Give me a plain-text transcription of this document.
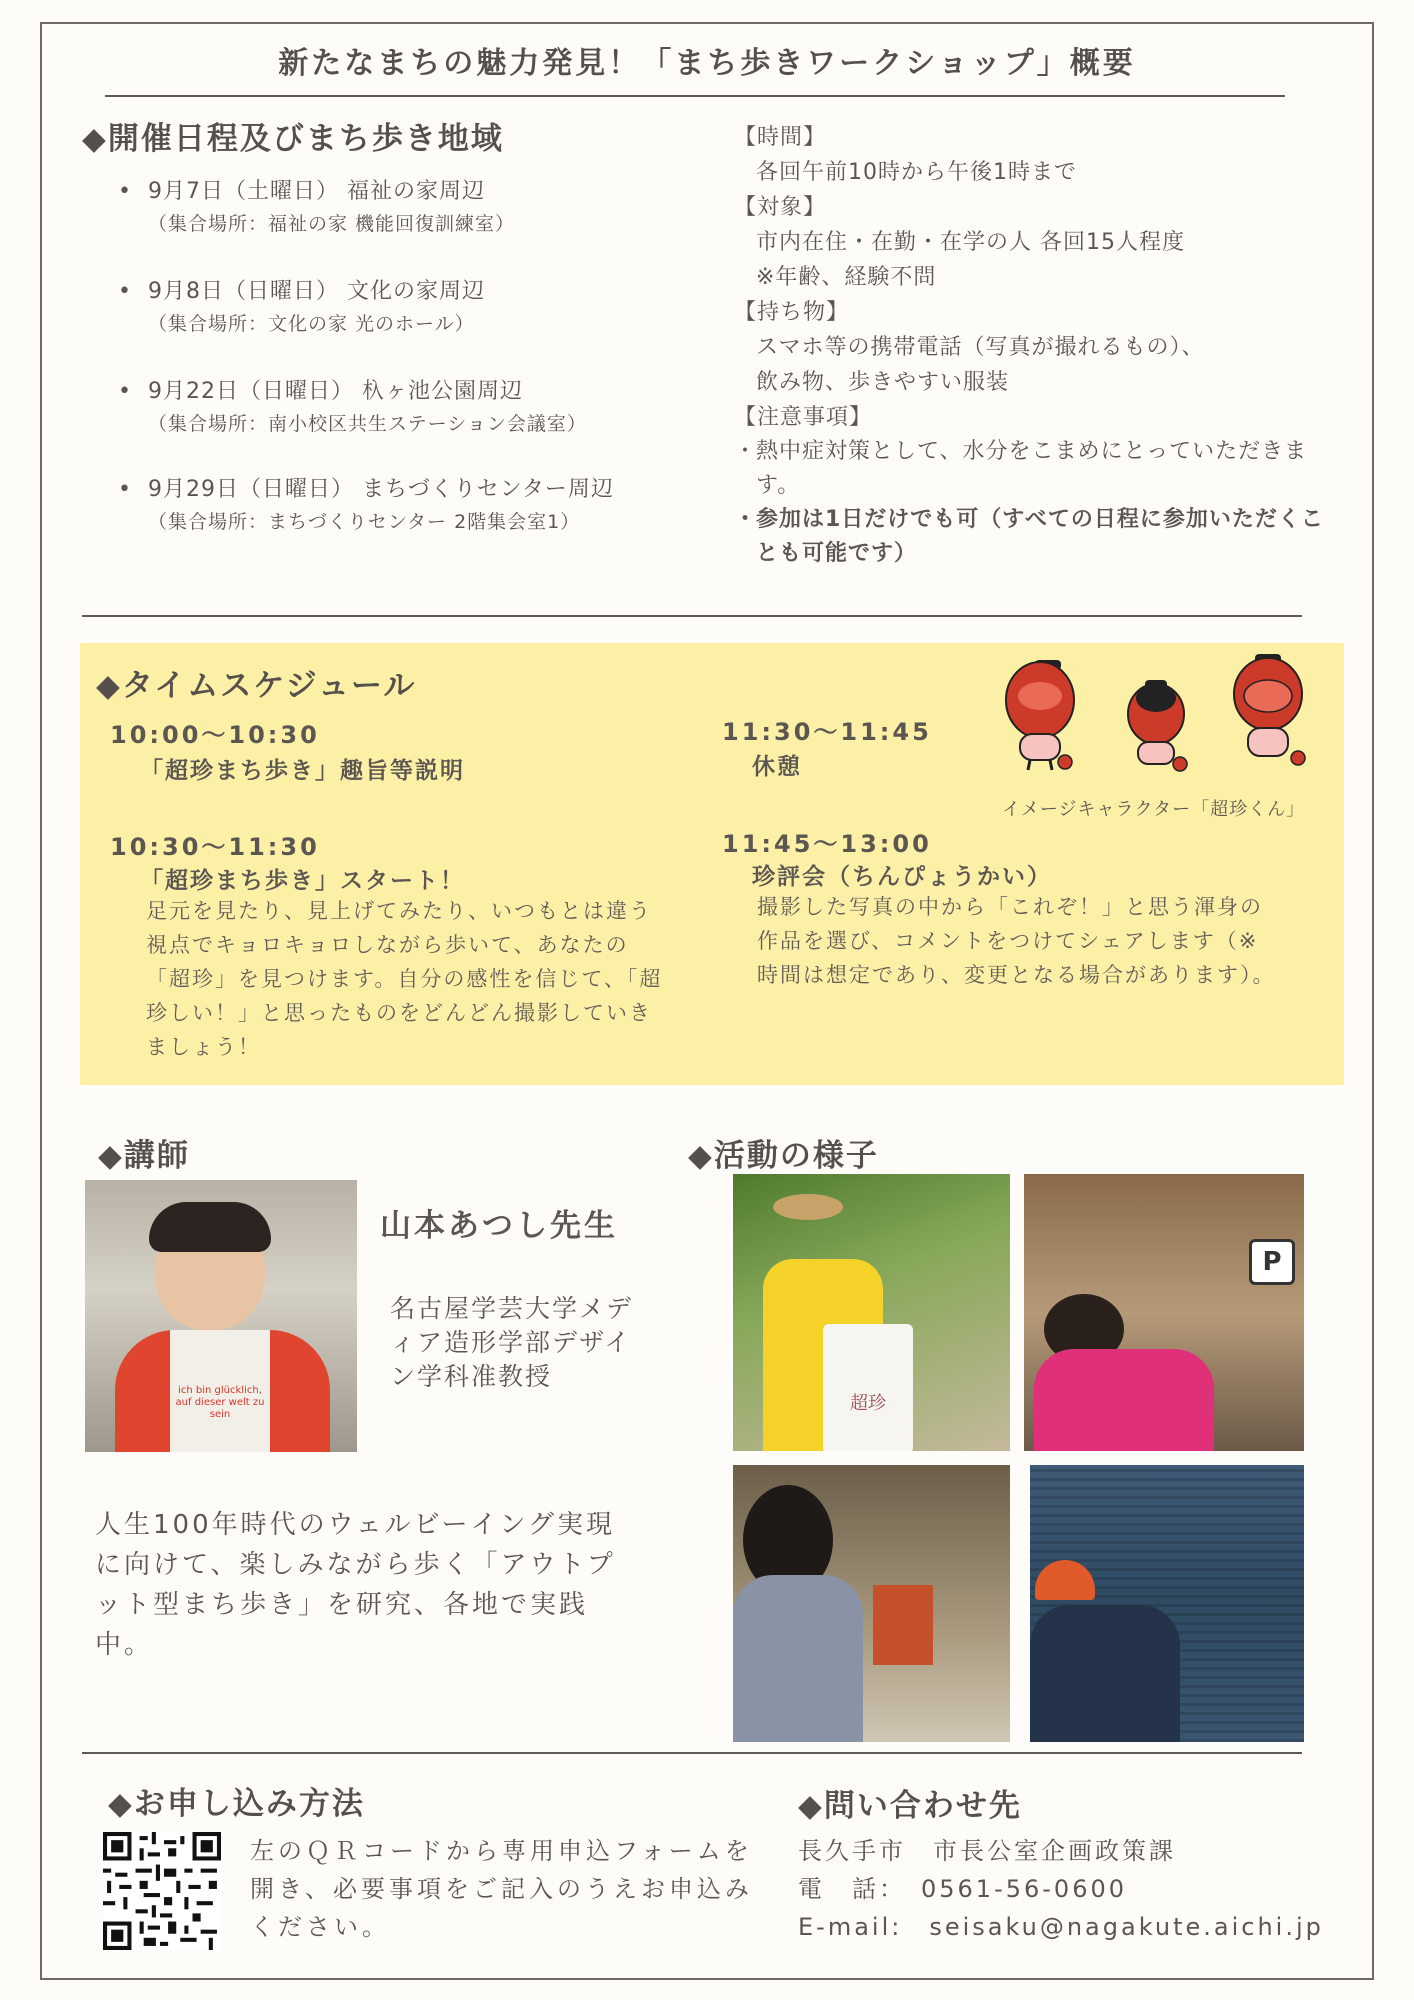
新たなまちの魅力発見！「まち歩きワークショップ」概要
◆開催日程及びまち歩き地域
• 9月7日（土曜日） 福祉の家周辺
（集合場所：福祉の家 機能回復訓練室）
• 9月8日（日曜日） 文化の家周辺
（集合場所：文化の家 光のホール）
• 9月22日（日曜日） 杁ヶ池公園周辺
（集合場所：南小校区共生ステーション会議室）
• 9月29日（日曜日） まちづくりセンター周辺
（集合場所：まちづくりセンター 2階集会室1）
【時間】
各回午前10時から午後1時まで
【対象】
市内在住・在勤・在学の人 各回15人程度
※年齢、経験不問
【持ち物】
スマホ等の携帯電話（写真が撮れるもの）、
飲み物、歩きやすい服装
【注意事項】
・ 熱中症対策として、水分をこまめにとっていただきます。
・ 参加は1日だけでも可（すべての日程に参加いただくことも可能です）
◆タイムスケジュール
10:00～10:30
「超珍まち歩き」趣旨等説明
10:30～11:30
「超珍まち歩き」スタート！
足元を見たり、見上げてみたり、いつもとは違う視点でキョロキョロしながら歩いて、あなたの「超珍」を見つけます。自分の感性を信じて、「超珍しい！」と思ったものをどんどん撮影していきましょう！
11:30～11:45
休憩
11:45～13:00
珍評会（ちんぴょうかい）
撮影した写真の中から「これぞ！」と思う渾身の作品を選び、コメントをつけてシェアします（※ 時間は想定であり、変更となる場合があります）。
イメージキャラクター「超珍くん」
◆講師
ich bin glücklich, auf dieser welt zu sein
山本あつし先生
名古屋学芸大学メディア造形学部デザイン学科准教授
人生100年時代のウェルビーイング実現に向けて、楽しみながら歩く「アウトプット型まち歩き」を研究、各地で実践中。
◆活動の様子
超珍
P
◆お申し込み方法
左のＱＲコードから専用申込フォームを開き、必要事項をご記入のうえお申込みください。
◆問い合わせ先
長久手市　市長公室企画政策課
電　話：　0561-56-0600
E-mail:　seisaku@nagakute.aichi.jp
